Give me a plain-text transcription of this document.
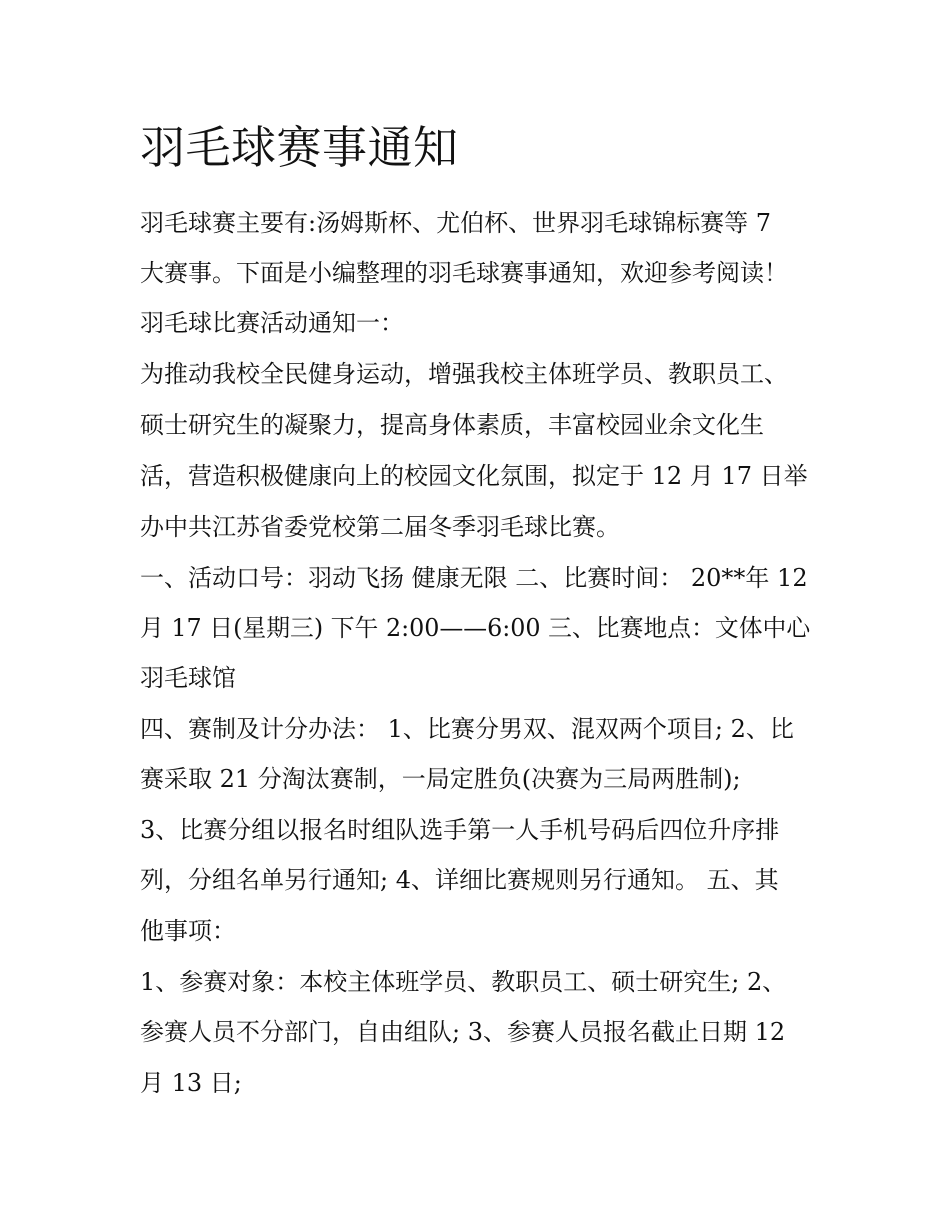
羽毛球赛事通知

羽毛球赛主要有:汤姆斯杯、尤伯杯、世界羽毛球锦标赛等 7

大赛事。下面是小编整理的羽毛球赛事通知，欢迎参考阅读！

羽毛球比赛活动通知一：

为推动我校全民健身运动，增强我校主体班学员、教职员工、

硕士研究生的凝聚力，提高身体素质，丰富校园业余文化生

活，营造积极健康向上的校园文化氛围，拟定于 12 月 17 日举

办中共江苏省委党校第二届冬季羽毛球比赛。

一、活动口号：羽动飞扬 健康无限 二、比赛时间： 20**年 12

月 17 日(星期三) 下午 2:00——6:00 三、比赛地点：文体中心

羽毛球馆

四、赛制及计分办法： 1、比赛分男双、混双两个项目; 2、比

赛采取 21 分淘汰赛制，一局定胜负(决赛为三局两胜制);

3、比赛分组以报名时组队选手第一人手机号码后四位升序排

列，分组名单另行通知; 4、详细比赛规则另行通知。 五、其

他事项：

1、参赛对象：本校主体班学员、教职员工、硕士研究生; 2、

参赛人员不分部门，自由组队; 3、参赛人员报名截止日期 12

月 13 日;
